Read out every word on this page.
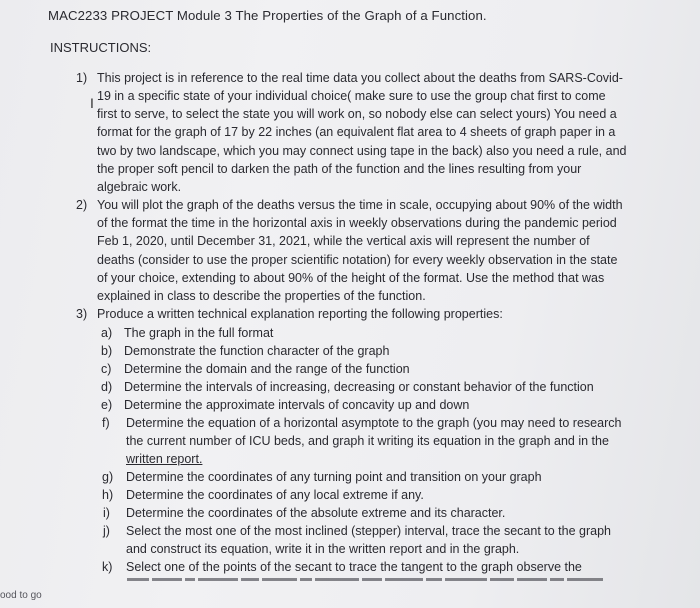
MAC2233 PROJECT Module 3 The Properties of the Graph of a Function.
INSTRUCTIONS:
1) This project is in reference to the real time data you collect about the deaths from SARS-Covid-
19 in a specific state of your individual choice( make sure to use the group chat first to come
first to serve, to select the state you will work on, so nobody else can select yours) You need a
format for the graph of 17 by 22 inches (an equivalent flat area to 4 sheets of graph paper in a
two by two landscape, which you may connect using tape in the back) also you need a rule, and
the proper soft pencil to darken the path of the function and the lines resulting from your
algebraic work.
I
2) You will plot the graph of the deaths versus the time in scale, occupying about 90% of the width
of the format the time in the horizontal axis in weekly observations during the pandemic period
Feb 1, 2020, until December 31, 2021, while the vertical axis will represent the number of
deaths (consider to use the proper scientific notation) for every weekly observation in the state
of your choice, extending to about 90% of the height of the format. Use the method that was
explained in class to describe the properties of the function.
3) Produce a written technical explanation reporting the following properties:
a) The graph in the full format
b) Demonstrate the function character of the graph
c) Determine the domain and the range of the function
d) Determine the intervals of increasing, decreasing or constant behavior of the function
e) Determine the approximate intervals of concavity up and down
f) Determine the equation of a horizontal asymptote to the graph (you may need to research
the current number of ICU beds, and graph it writing its equation in the graph and in the
written report.
g) Determine the coordinates of any turning point and transition on your graph
h) Determine the coordinates of any local extreme if any.
i) Determine the coordinates of the absolute extreme and its character.
j) Select the most one of the most inclined (stepper) interval, trace the secant to the graph
and construct its equation, write it in the written report and in the graph.
k) Select one of the points of the secant to trace the tangent to the graph observe the
ood to go
